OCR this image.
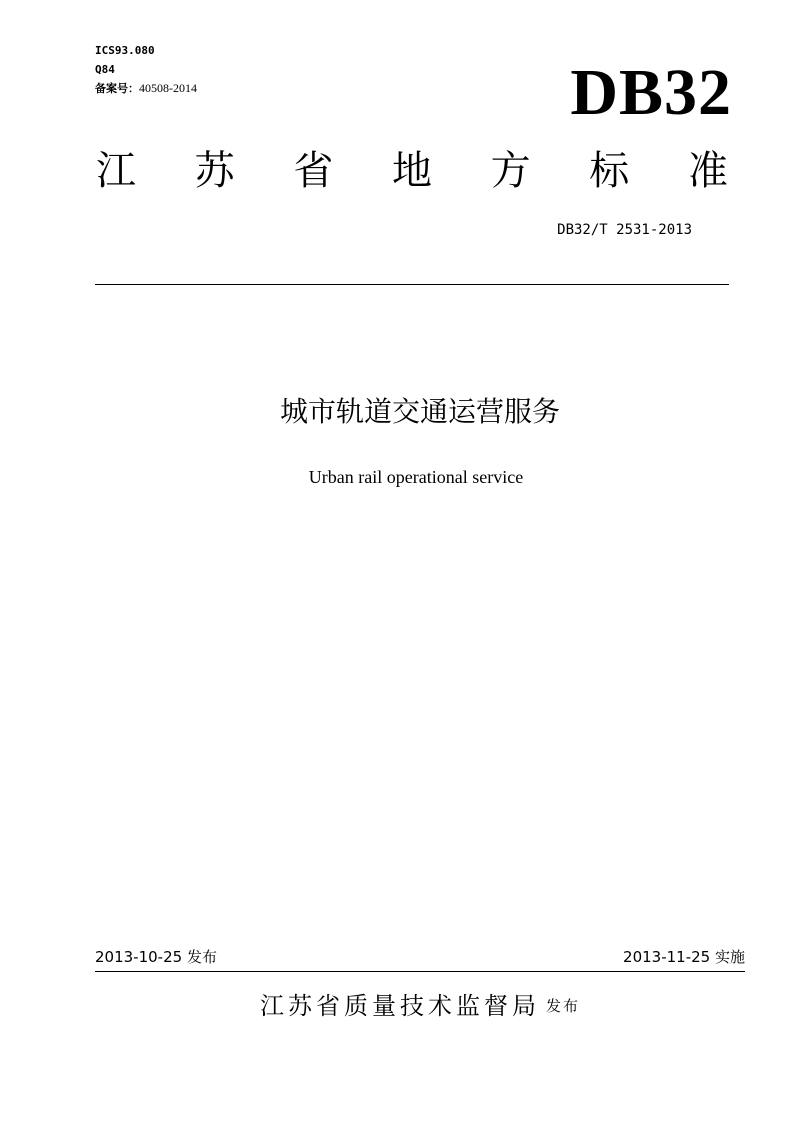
ICS93.080
Q84
备案号：40508-2014	DB32
江 苏 省 地 方 标 准
DB32/T 2531-2013
城市轨道交通运营服务
Urban rail operational service
2013-10-25 发布	2013-11-25 实施
江苏省质量技术监督局 发布
